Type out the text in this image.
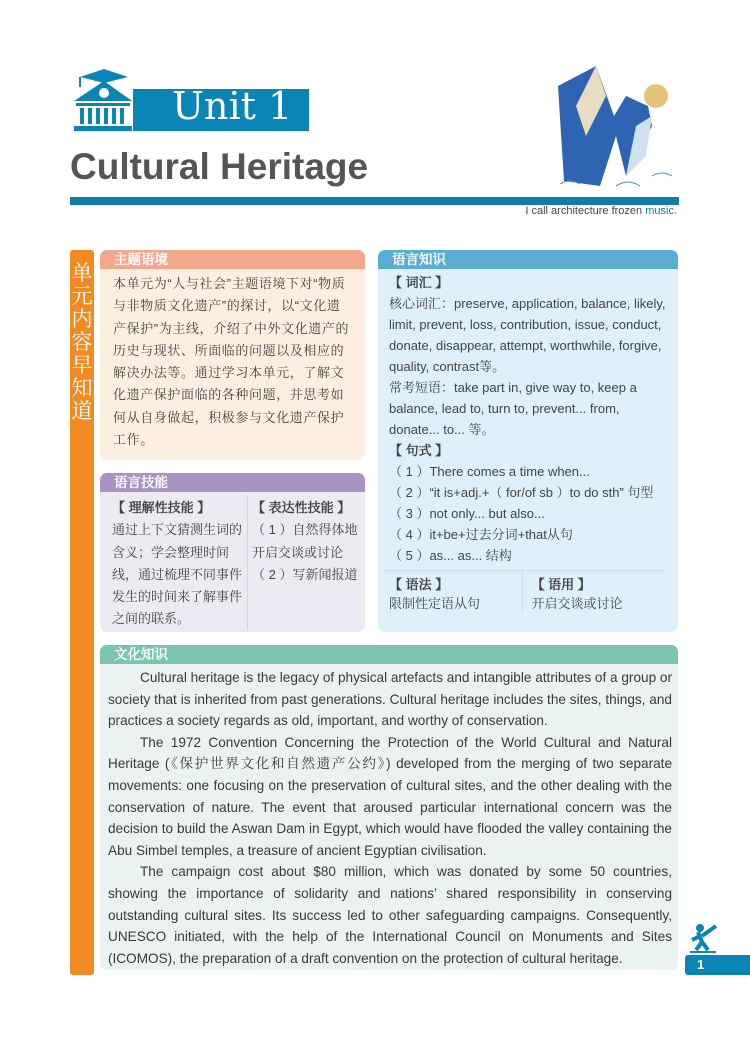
Unit 1
Cultural Heritage
I call architecture frozen music.
单元内容早知道
主题语境
本单元为“人与社会”主题语境下对“物质与非物质文化遗产”的探讨，以“文化遗产保护”为主线，介绍了中外文化遗产的历史与现状、所面临的问题以及相应的解决办法等。通过学习本单元，了解文化遗产保护面临的各种问题，并思考如何从自身做起，积极参与文化遗产保护工作。
语言技能
【 理解性技能 】
通过上下文猜测生词的含义；学会整理时间线，通过梳理不同事件发生的时间来了解事件之间的联系。
【 表达性技能 】
（ 1 ）自然得体地开启交谈或讨论
（ 2 ）写新闻报道
语言知识
【 词汇 】
核心词汇：preserve, application, balance, likely, limit, prevent, loss, contribution, issue, conduct, donate, disappear, attempt, worthwhile, forgive, quality, contrast等。
常考短语：take part in, give way to, keep a balance, lead to, turn to, prevent... from, donate... to... 等。
【 句式 】
（ 1 ）There comes a time when...
（ 2 ）“it is+adj.+（ for/of sb ）to do sth” 句型
（ 3 ）not only... but also...
（ 4 ）it+be+过去分词+that从句
（ 5 ）as... as... 结构
【 语法 】
限制性定语从句
【 语用 】
开启交谈或讨论
文化知识

Cultural heritage is the legacy of physical artefacts and intangible attributes of a group or society that is inherited from past generations. Cultural heritage includes the sites, things, and practices a society regards as old, important, and worthy of conservation.

The 1972 Convention Concerning the Protection of the World Cultural and Natural Heritage (《保护世界文化和自然遗产公约》) developed from the merging of two separate movements: one focusing on the preservation of cultural sites, and the other dealing with the conservation of nature. The event that aroused particular international concern was the decision to build the Aswan Dam in Egypt, which would have flooded the valley containing the Abu Simbel temples, a treasure of ancient Egyptian civilisation.

The campaign cost about $80 million, which was donated by some 50 countries, showing the importance of solidarity and nations’ shared responsibility in conserving outstanding cultural sites. Its success led to other safeguarding campaigns. Consequently, UNESCO initiated, with the help of the International Council on Monuments and Sites (ICOMOS), the preparation of a draft convention on the protection of cultural heritage.	1
